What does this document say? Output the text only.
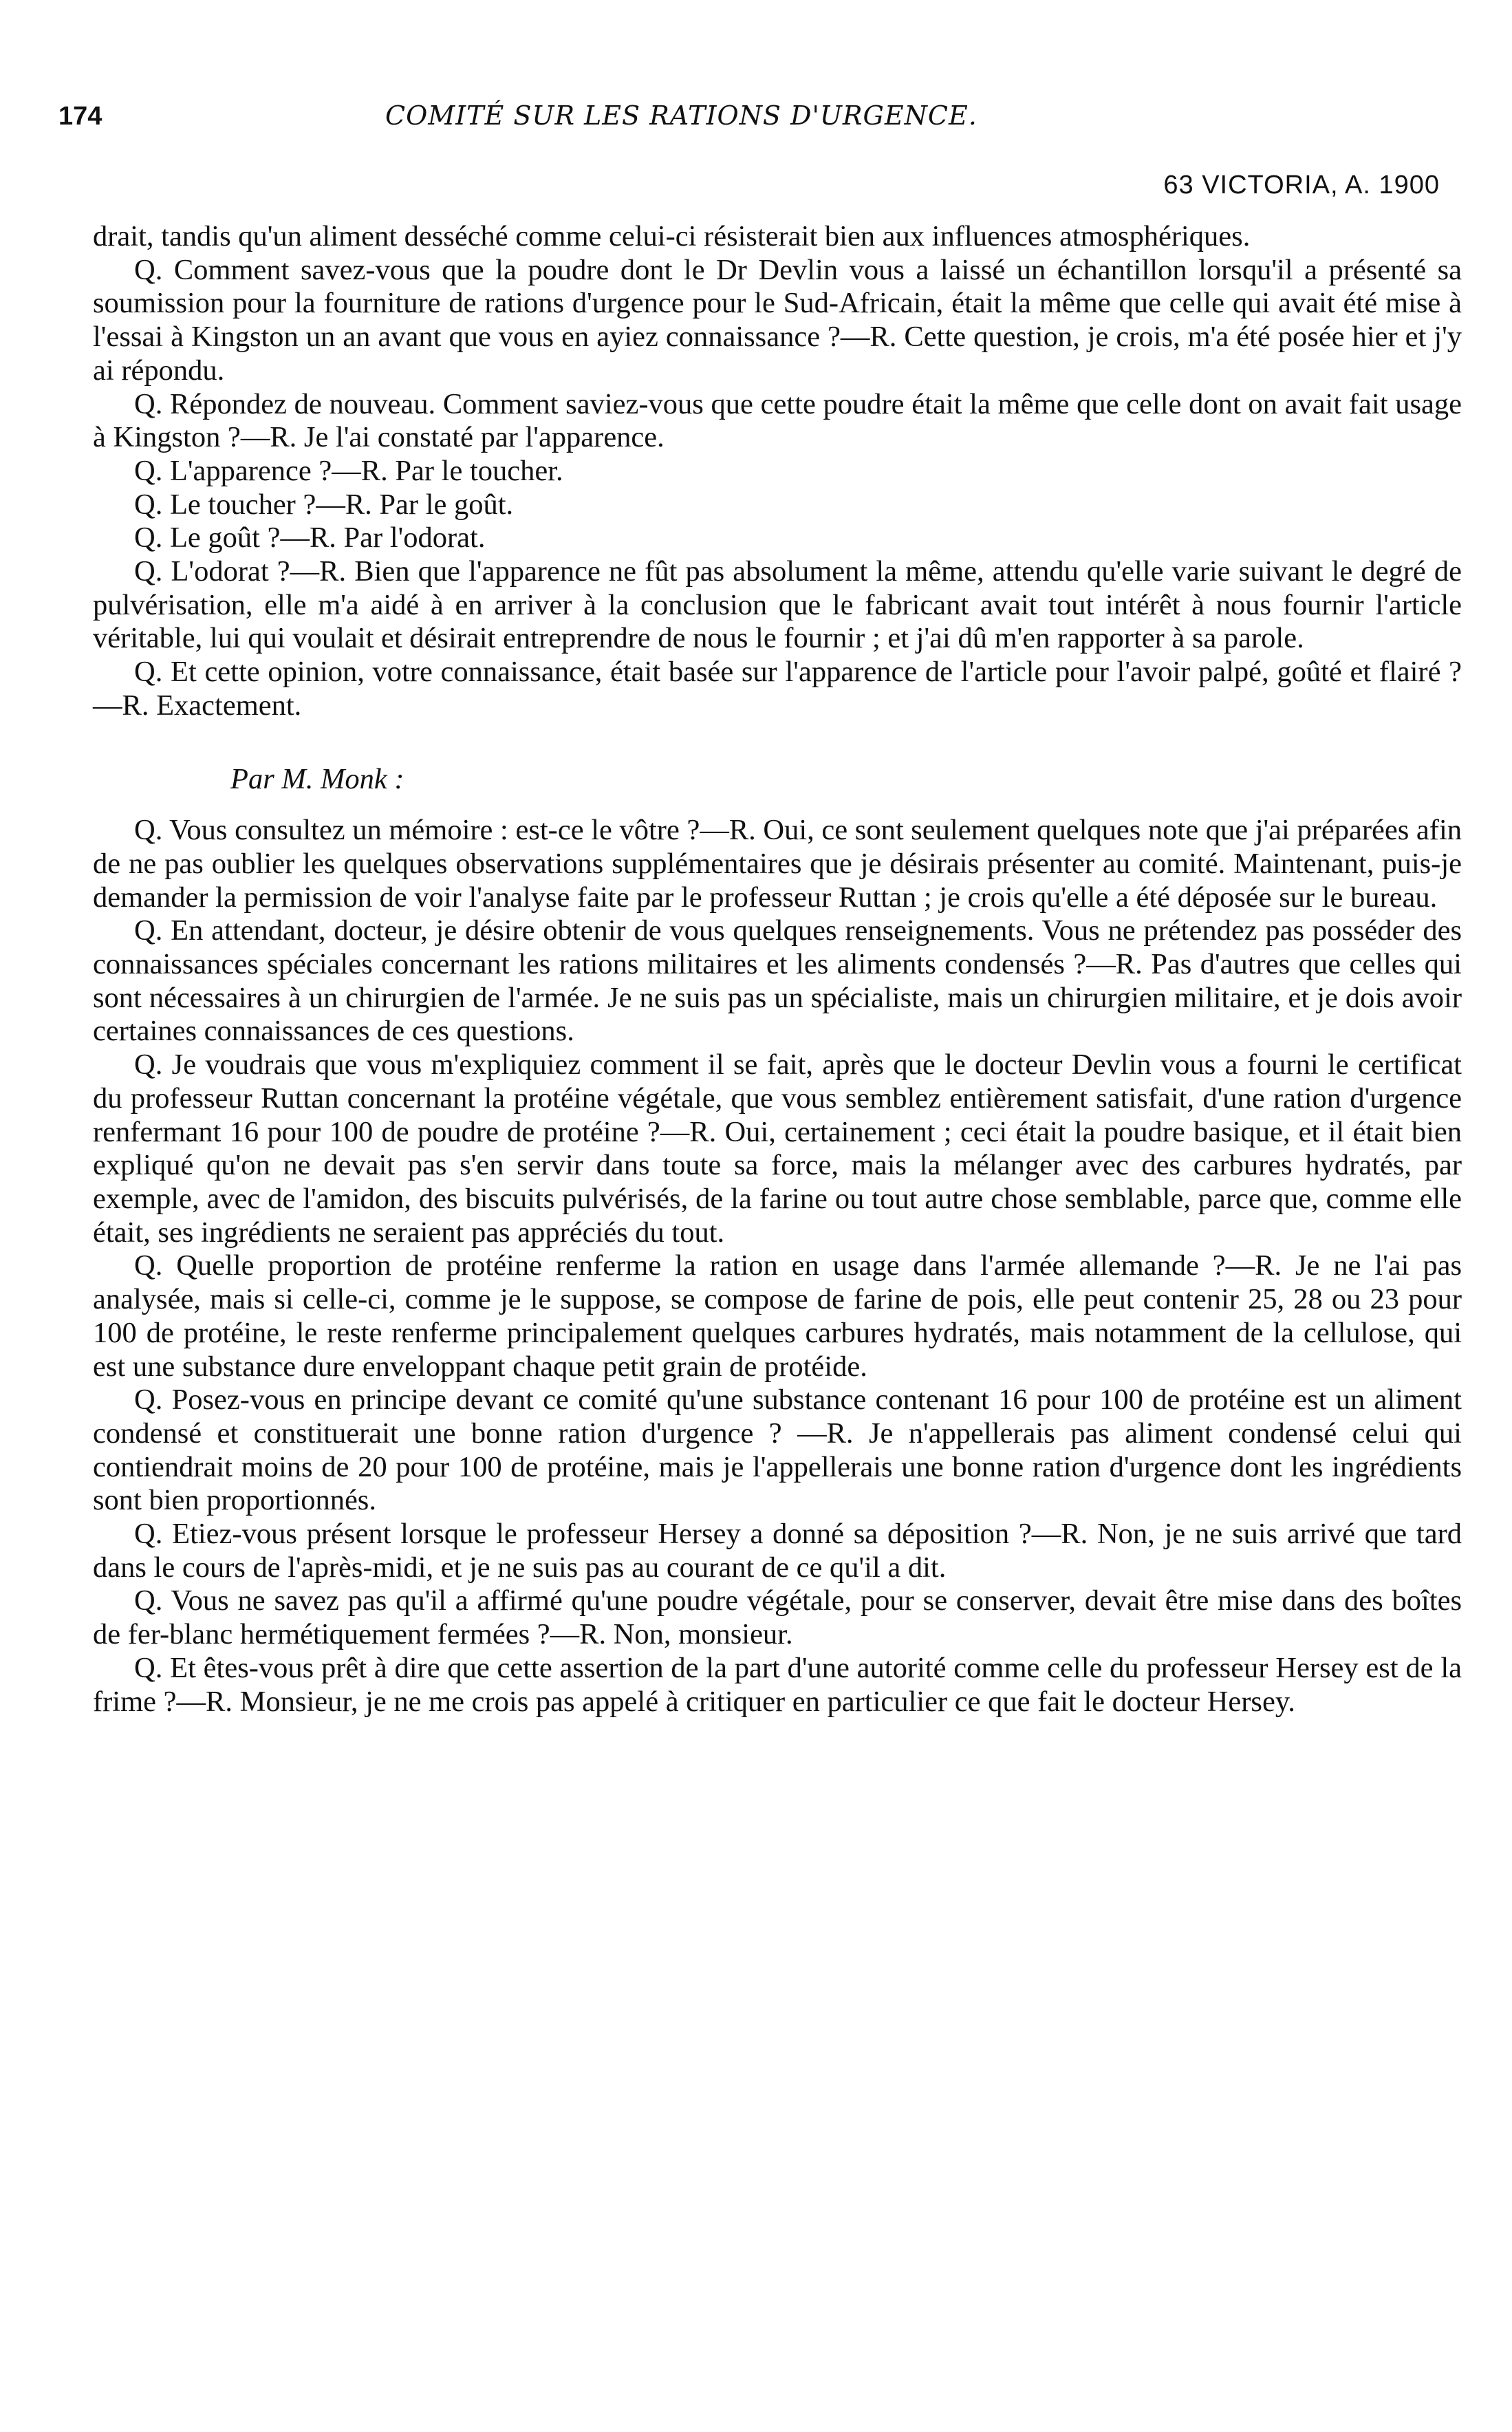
174	COMITÉ SUR LES RATIONS D'URGENCE.
63 VICTORIA, A. 1900

drait, tandis qu'un aliment desséché comme celui-ci résisterait bien aux influences atmosphériques.

Q. Comment savez-vous que la poudre dont le Dr Devlin vous a laissé un échantillon lorsqu'il a présenté sa soumission pour la fourniture de rations d'urgence pour le Sud-Africain, était la même que celle qui avait été mise à l'essai à Kingston un an avant que vous en ayiez connaissance ?—R. Cette question, je crois, m'a été posée hier et j'y ai répondu.

Q. Répondez de nouveau. Comment saviez-vous que cette poudre était la même que celle dont on avait fait usage à Kingston ?—R. Je l'ai constaté par l'apparence.

Q. L'apparence ?—R. Par le toucher.

Q. Le toucher ?—R. Par le goût.

Q. Le goût ?—R. Par l'odorat.

Q. L'odorat ?—R. Bien que l'apparence ne fût pas absolument la même, attendu qu'elle varie suivant le degré de pulvérisation, elle m'a aidé à en arriver à la conclusion que le fabricant avait tout intérêt à nous fournir l'article véritable, lui qui voulait et désirait entreprendre de nous le fournir ; et j'ai dû m'en rapporter à sa parole.

Q. Et cette opinion, votre connaissance, était basée sur l'apparence de l'article pour l'avoir palpé, goûté et flairé ?—R. Exactement.

Par M. Monk :

Q. Vous consultez un mémoire : est-ce le vôtre ?—R. Oui, ce sont seulement quelques note que j'ai préparées afin de ne pas oublier les quelques observations supplémentaires que je désirais présenter au comité. Maintenant, puis-je demander la permission de voir l'analyse faite par le professeur Ruttan ; je crois qu'elle a été déposée sur le bureau.

Q. En attendant, docteur, je désire obtenir de vous quelques renseignements. Vous ne prétendez pas posséder des connaissances spéciales concernant les rations militaires et les aliments condensés ?—R. Pas d'autres que celles qui sont nécessaires à un chirurgien de l'armée. Je ne suis pas un spécialiste, mais un chirurgien militaire, et je dois avoir certaines connaissances de ces questions.

Q. Je voudrais que vous m'expliquiez comment il se fait, après que le docteur Devlin vous a fourni le certificat du professeur Ruttan concernant la protéine végétale, que vous semblez entièrement satisfait, d'une ration d'urgence renfermant 16 pour 100 de poudre de protéine ?—R. Oui, certainement ; ceci était la poudre basique, et il était bien expliqué qu'on ne devait pas s'en servir dans toute sa force, mais la mélanger avec des carbures hydratés, par exemple, avec de l'amidon, des biscuits pulvérisés, de la farine ou tout autre chose semblable, parce que, comme elle était, ses ingrédients ne seraient pas appréciés du tout.

Q. Quelle proportion de protéine renferme la ration en usage dans l'armée allemande ?—R. Je ne l'ai pas analysée, mais si celle-ci, comme je le suppose, se compose de farine de pois, elle peut contenir 25, 28 ou 23 pour 100 de protéine, le reste renferme principalement quelques carbures hydratés, mais notamment de la cellulose, qui est une substance dure enveloppant chaque petit grain de protéide.

Q. Posez-vous en principe devant ce comité qu'une substance contenant 16 pour 100 de protéine est un aliment condensé et constituerait une bonne ration d'urgence ? —R. Je n'appellerais pas aliment condensé celui qui contiendrait moins de 20 pour 100 de protéine, mais je l'appellerais une bonne ration d'urgence dont les ingrédients sont bien proportionnés.

Q. Etiez-vous présent lorsque le professeur Hersey a donné sa déposition ?—R. Non, je ne suis arrivé que tard dans le cours de l'après-midi, et je ne suis pas au courant de ce qu'il a dit.

Q. Vous ne savez pas qu'il a affirmé qu'une poudre végétale, pour se conserver, devait être mise dans des boîtes de fer-blanc hermétiquement fermées ?—R. Non, monsieur.

Q. Et êtes-vous prêt à dire que cette assertion de la part d'une autorité comme celle du professeur Hersey est de la frime ?—R. Monsieur, je ne me crois pas appelé à critiquer en particulier ce que fait le docteur Hersey.
